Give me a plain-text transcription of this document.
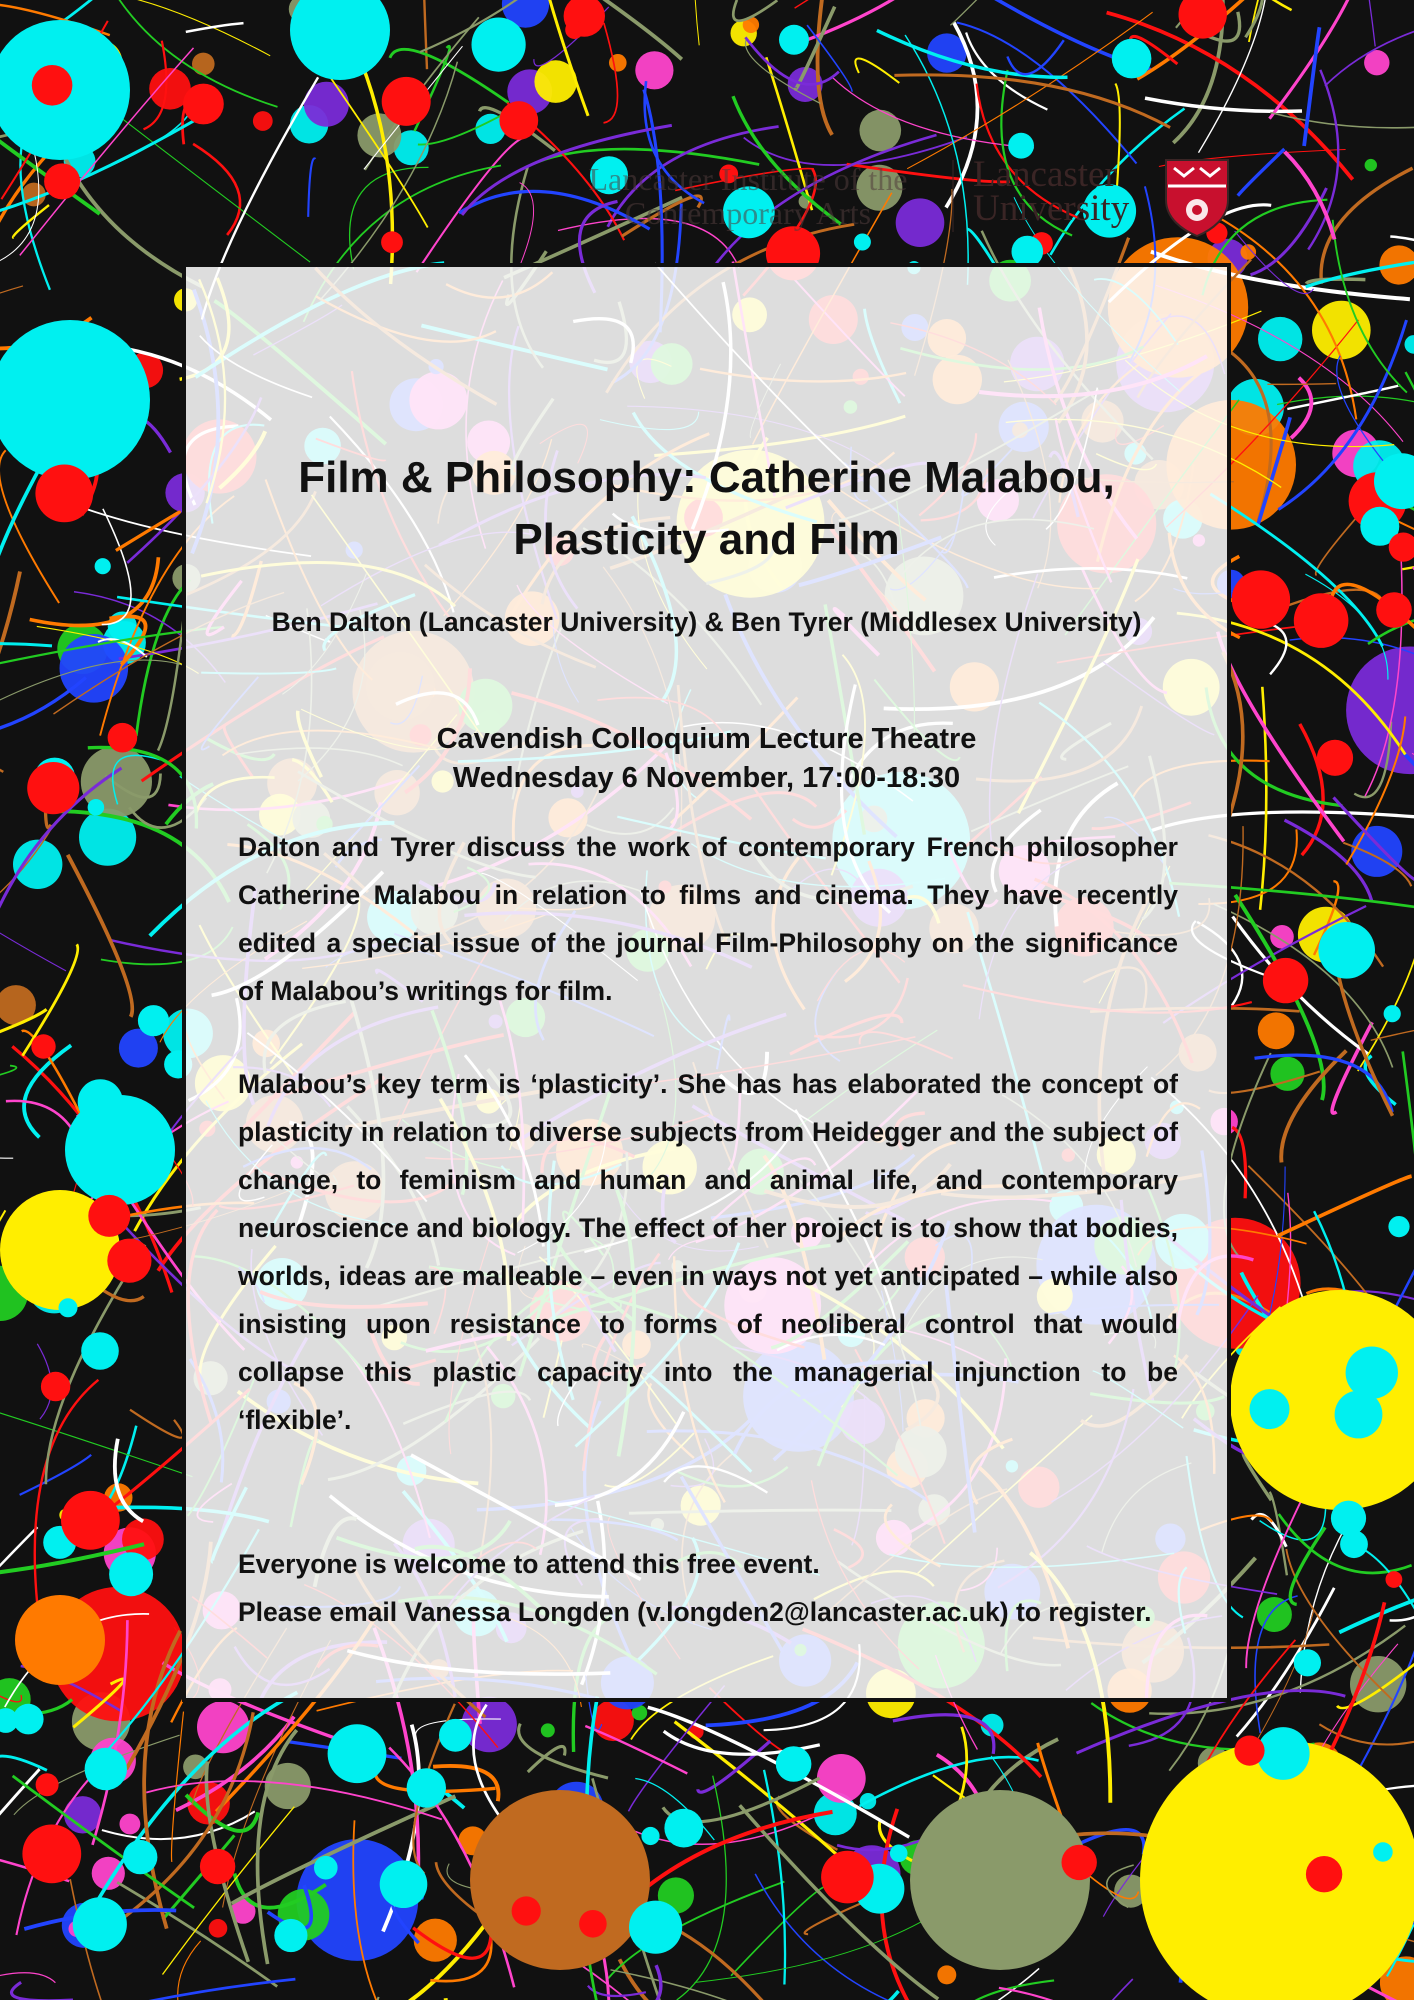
Lancaster Institute of the
Contemporary Arts
Lancaster
University
Film & Philosophy: Catherine Malabou,
Plasticity and Film
Ben Dalton (Lancaster University) & Ben Tyrer (Middlesex University)
Cavendish Colloquium Lecture Theatre
Wednesday 6 November, 17:00-18:30

Dalton and Tyrer discuss the work of contemporary French philosopher Catherine Malabou in relation to films and cinema. They have recently edited a special issue of the journal Film-Philosophy on the significance of Malabou’s writings for film.

Malabou’s key term is ‘plasticity’. She has has elaborated the concept of plasticity in relation to diverse subjects from Heidegger and the subject of change, to feminism and human and animal life, and contemporary neuroscience and biology. The effect of her project is to show that bodies, worlds, ideas are malleable – even in ways not yet anticipated – while also insisting upon resistance to forms of neoliberal control that would collapse this plastic capacity into the managerial injunction to be ‘flexible’.

Everyone is welcome to attend this free event.

Please email Vanessa Longden (v.longden2@lancaster.ac.uk) to register.
